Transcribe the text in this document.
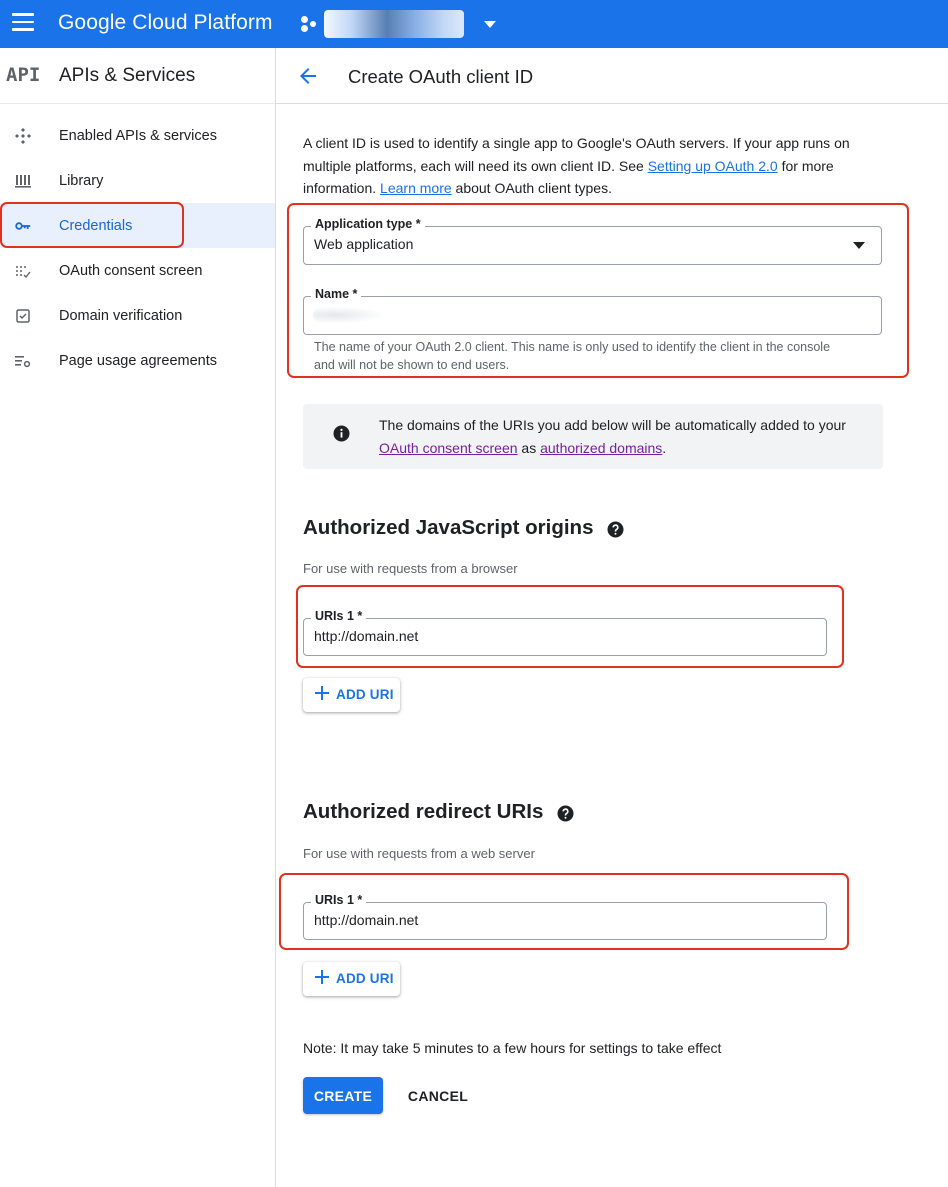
Google Cloud Platform
API APIs & Services
Enabled APIs & services
Library
Credentials
OAuth consent screen
Domain verification
Page usage agreements
Create OAuth client ID
A client ID is used to identify a single app to Google's OAuth servers. If your app runs on multiple platforms, each will need its own client ID. See Setting up OAuth 2.0 for more information. Learn more about OAuth client types.
Application type *
Web application
Name *
The name of your OAuth 2.0 client. This name is only used to identify the client in the console and will not be shown to end users.
The domains of the URIs you add below will be automatically added to your OAuth consent screen as authorized domains.
Authorized JavaScript origins
For use with requests from a browser
URIs 1 *
http://domain.net
ADD URI
Authorized redirect URIs
For use with requests from a web server
URIs 1 *
http://domain.net
ADD URI
Note: It may take 5 minutes to a few hours for settings to take effect
CREATE	CANCEL
